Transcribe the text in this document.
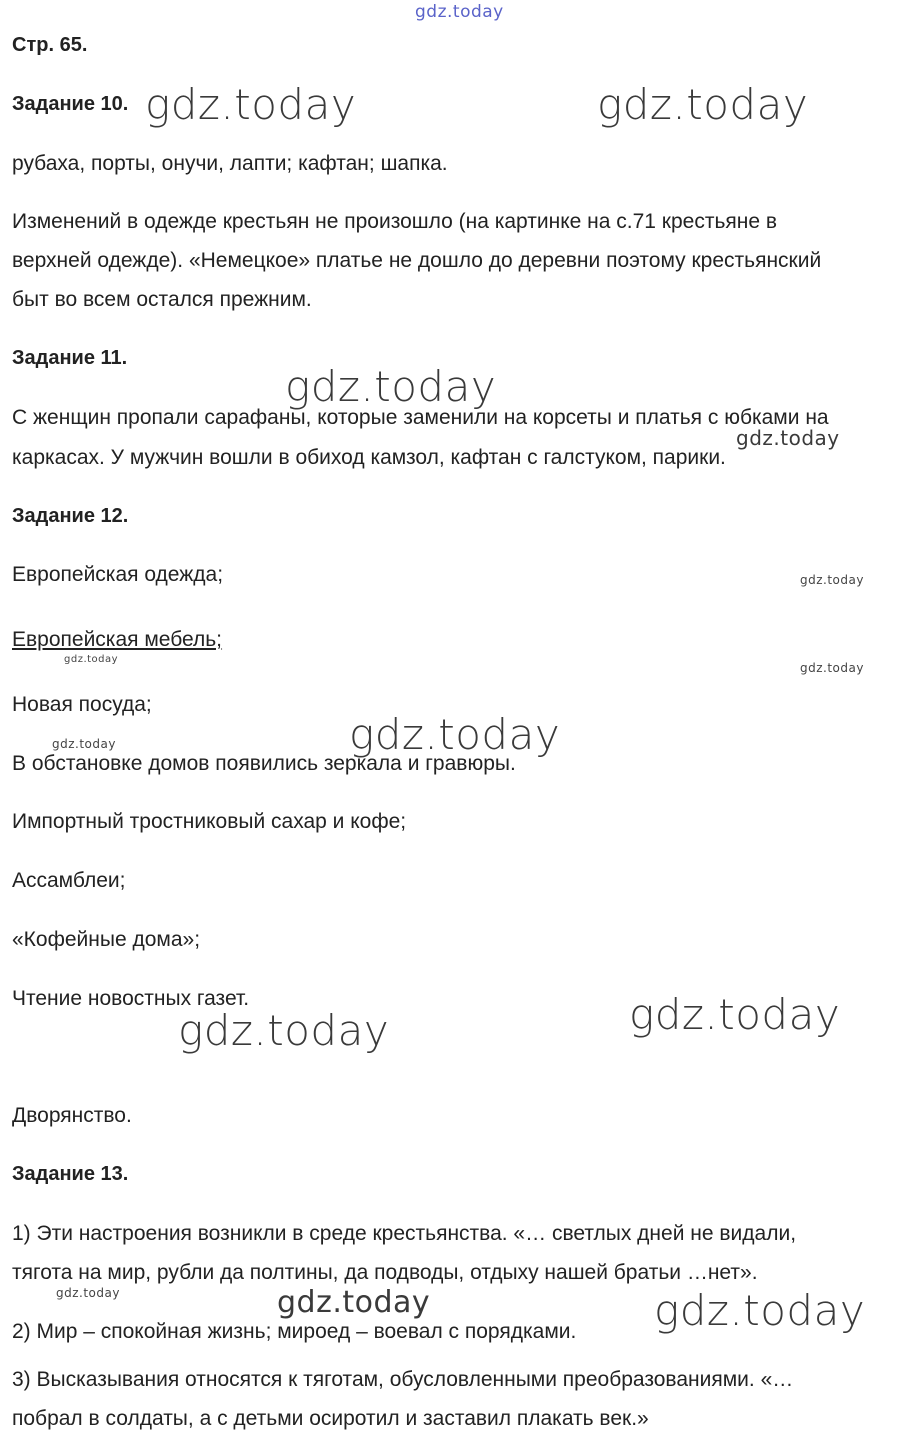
gdz.today
gdz.today	gdz.today
gdz.today
gdz.today
gdz.today
gdz.today
gdz.today
gdz.today
gdz.today
gdz.today
gdz.today
gdz.today	gdz.today	gdz.today
Стр. 65.
Задание 10.
рубаха, порты, онучи, лапти; кафтан; шапка.
Изменений в одежде крестьян не произошло (на картинке на с.71 крестьяне в
верхней одежде). «Немецкое» платье не дошло до деревни поэтому крестьянский
быт во всем остался прежним.
Задание 11.
С женщин пропали сарафаны, которые заменили на корсеты и платья с юбками на
каркасах. У мужчин вошли в обиход камзол, кафтан с галстуком, парики.
Задание 12.
Европейская одежда;
Европейская мебель;
Новая посуда;
В обстановке домов появились зеркала и гравюры.
Импортный тростниковый сахар и кофе;
Ассамблеи;
«Кофейные дома»;
Чтение новостных газет.
Дворянство.
Задание 13.
1) Эти настроения возникли в среде крестьянства. «… светлых дней не видали,
тягота на мир, рубли да полтины, да подводы, отдыху нашей братьи …нет».
2) Мир – спокойная жизнь; мироед – воевал с порядками.
3) Высказывания относятся к тяготам, обусловленными преобразованиями. «…
побрал в солдаты, а с детьми осиротил и заставил плакать век.»
